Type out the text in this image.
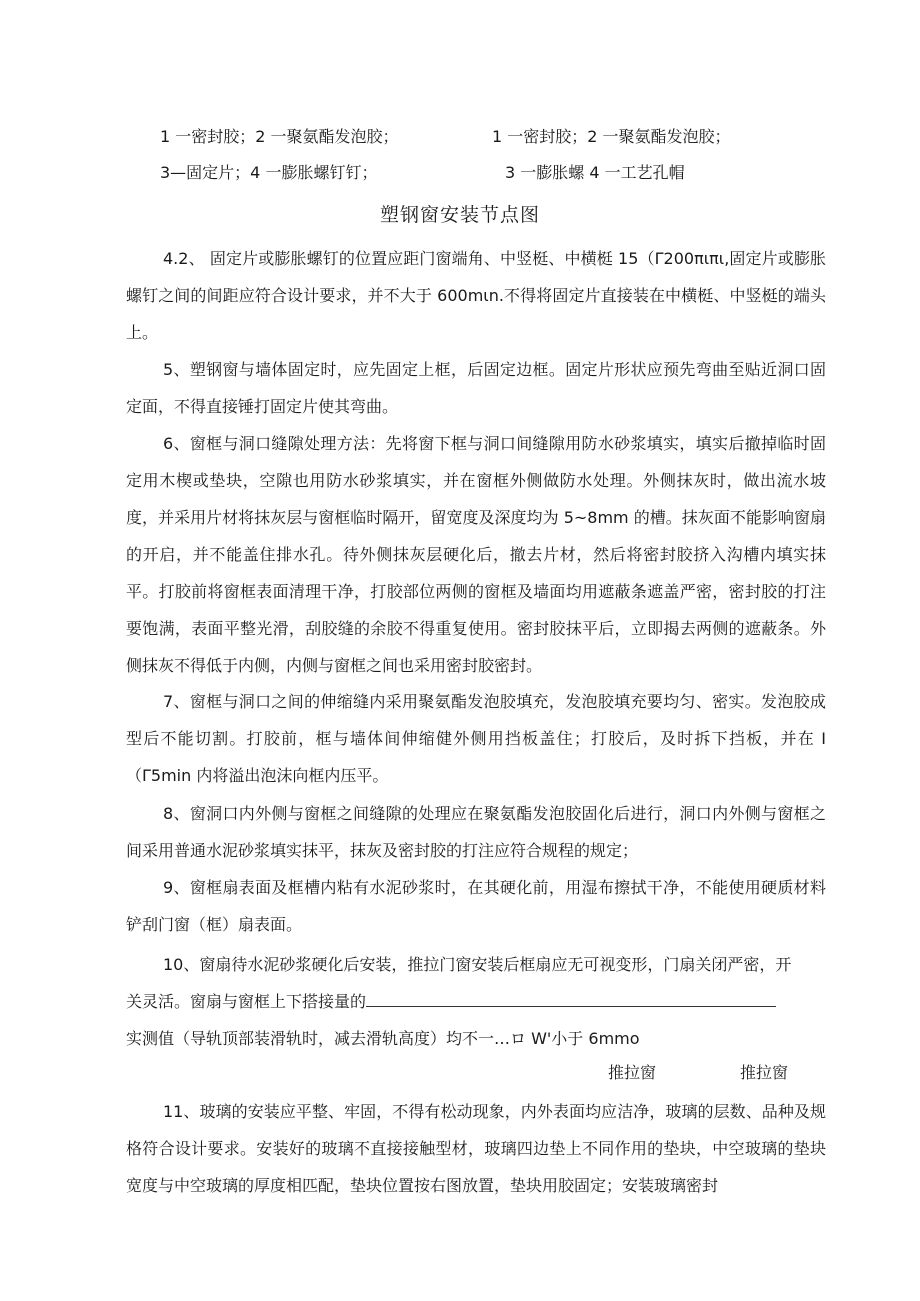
1 一密封胶；2 一聚氨酯发泡胶；	1 一密封胶；2 一聚氨酯发泡胶；
3—固定片；4 一膨胀螺钉钉；	3 一膨胀螺 4 一工艺孔帽
塑钢窗安装节点图
4.2、 固定片或膨胀螺钉的位置应距门窗端角、中竖梃、中横梃 15（Γ200πιπι,固定片或膨胀螺钉之间的间距应符合设计要求，并不大于 600mιn.不得将固定片直接装在中横梃、中竖梃的端头上。
5、塑钢窗与墙体固定时，应先固定上框，后固定边框。固定片形状应预先弯曲至贴近洞口固定面，不得直接锤打固定片使其弯曲。
6、窗框与洞口缝隙处理方法：先将窗下框与洞口间缝隙用防水砂浆填实，填实后撤掉临时固定用木楔或垫块，空隙也用防水砂浆填实，并在窗框外侧做防水处理。外侧抹灰时，做出流水坡度，并采用片材将抹灰层与窗框临时隔开，留宽度及深度均为 5~8mm 的槽。抹灰面不能影响窗扇的开启，并不能盖住排水孔。待外侧抹灰层硬化后，撤去片材，然后将密封胶挤入沟槽内填实抹平。打胶前将窗框表面清理干净，打胶部位两侧的窗框及墙面均用遮蔽条遮盖严密，密封胶的打注要饱满，表面平整光滑，刮胶缝的余胶不得重复使用。密封胶抹平后，立即揭去两侧的遮蔽条。外侧抹灰不得低于内侧，内侧与窗框之间也采用密封胶密封。
7、窗框与洞口之间的伸缩缝内采用聚氨酯发泡胶填充，发泡胶填充要均匀、密实。发泡胶成型后不能切割。打胶前，框与墙体间伸缩健外侧用挡板盖住；打胶后，及时拆下挡板，并在 I（Γ5min 内将溢出泡沫向框内压平。
8、窗洞口内外侧与窗框之间缝隙的处理应在聚氨酯发泡胶固化后进行，洞口内外侧与窗框之间采用普通水泥砂浆填实抹平，抹灰及密封胶的打注应符合规程的规定；
9、窗框扇表面及框槽内粘有水泥砂浆时，在其硬化前，用湿布擦拭干净，不能使用硬质材料铲刮门窗（框）扇表面。
10、窗扇待水泥砂浆硬化后安装，推拉门窗安装后框扇应无可视变形，门扇关闭严密，开
关灵活。窗扇与窗框上下搭接量的
实测值（导轨顶部装滑轨时，减去滑轨高度）均不一…ロ W'小于 6mmo
推拉窗	推拉窗
11、玻璃的安装应平整、牢固，不得有松动现象，内外表面均应洁净，玻璃的层数、品种及规格符合设计要求。安装好的玻璃不直接接触型材，玻璃四边垫上不同作用的垫块，中空玻璃的垫块宽度与中空玻璃的厚度相匹配，垫块位置按右图放置，垫块用胶固定；安装玻璃密封
